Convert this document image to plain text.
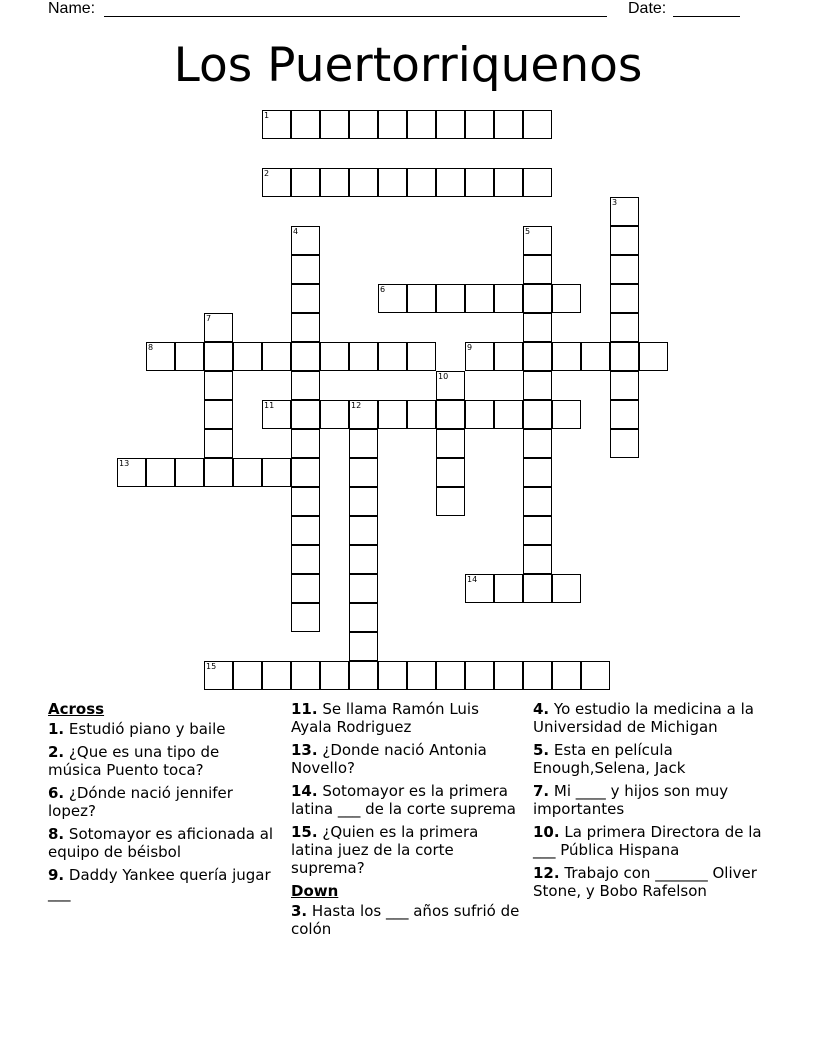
Name:	Date:
Los Puertorriquenos
1
2
3
4	5
6
7
8	9
10
11	12
13
14
15
Across
1. Estudió piano y baile
2. ¿Que es una tipo de música Puento toca?
6. ¿Dónde nació jennifer lopez?
8. Sotomayor es aficionada al equipo de béisbol
9. Daddy Yankee quería jugar ___
11. Se llama Ramón Luis Ayala Rodriguez
13. ¿Donde nació Antonia Novello?
14. Sotomayor es la primera latina ___ de la corte suprema
15. ¿Quien es la primera latina juez de la corte suprema?
Down
3. Hasta los ___ años sufrió de colón
4. Yo estudio la medicina a la Universidad de Michigan
5. Esta en película Enough,Selena, Jack
7. Mi ____ y hijos son muy importantes
10. La primera Directora de la ___ Pública Hispana
12. Trabajo con _______ Oliver Stone, y Bobo Rafelson
